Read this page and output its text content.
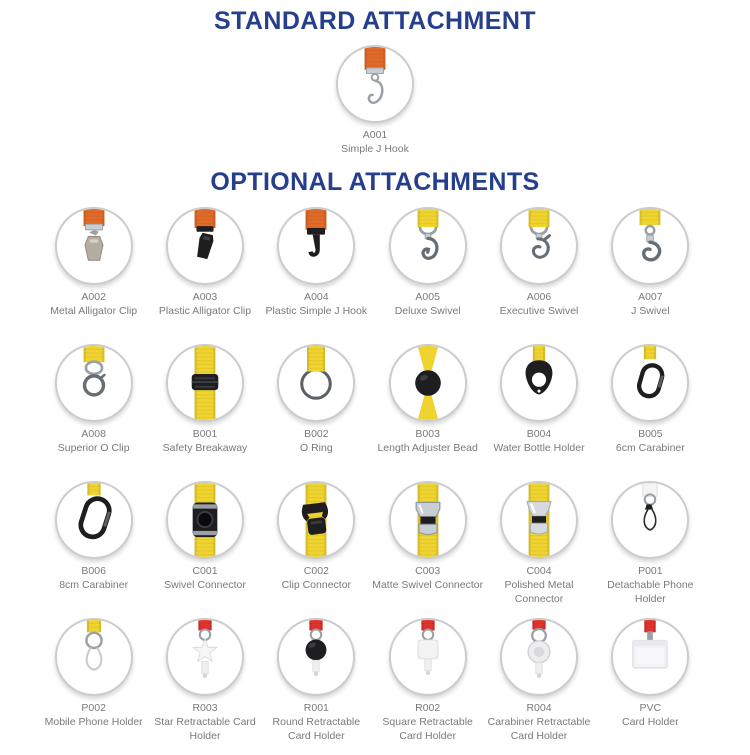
STANDARD ATTACHMENT
A001
Simple J Hook
OPTIONAL ATTACHMENTS
A002
Metal Alligator Clip
A003
Plastic Alligator Clip
A004
Plastic Simple J Hook
A005
Deluxe Swivel
A006
Executive Swivel
A007
J Swivel
A008
Superior O Clip
B001
Safety Breakaway
B002
O Ring
B003
Length Adjuster Bead
B004
Water Bottle Holder
B005
6cm Carabiner
B006
8cm Carabiner
C001
Swivel Connector
C002
Clip Connector
C003
Matte Swivel Connector
C004
Polished Metal Connector
P001
Detachable Phone Holder
P002
Mobile Phone Holder
R003
Star Retractable Card Holder
R001
Round Retractable Card Holder
R002
Square Retractable Card Holder
R004
Carabiner Retractable Card Holder
PVC
Card Holder
